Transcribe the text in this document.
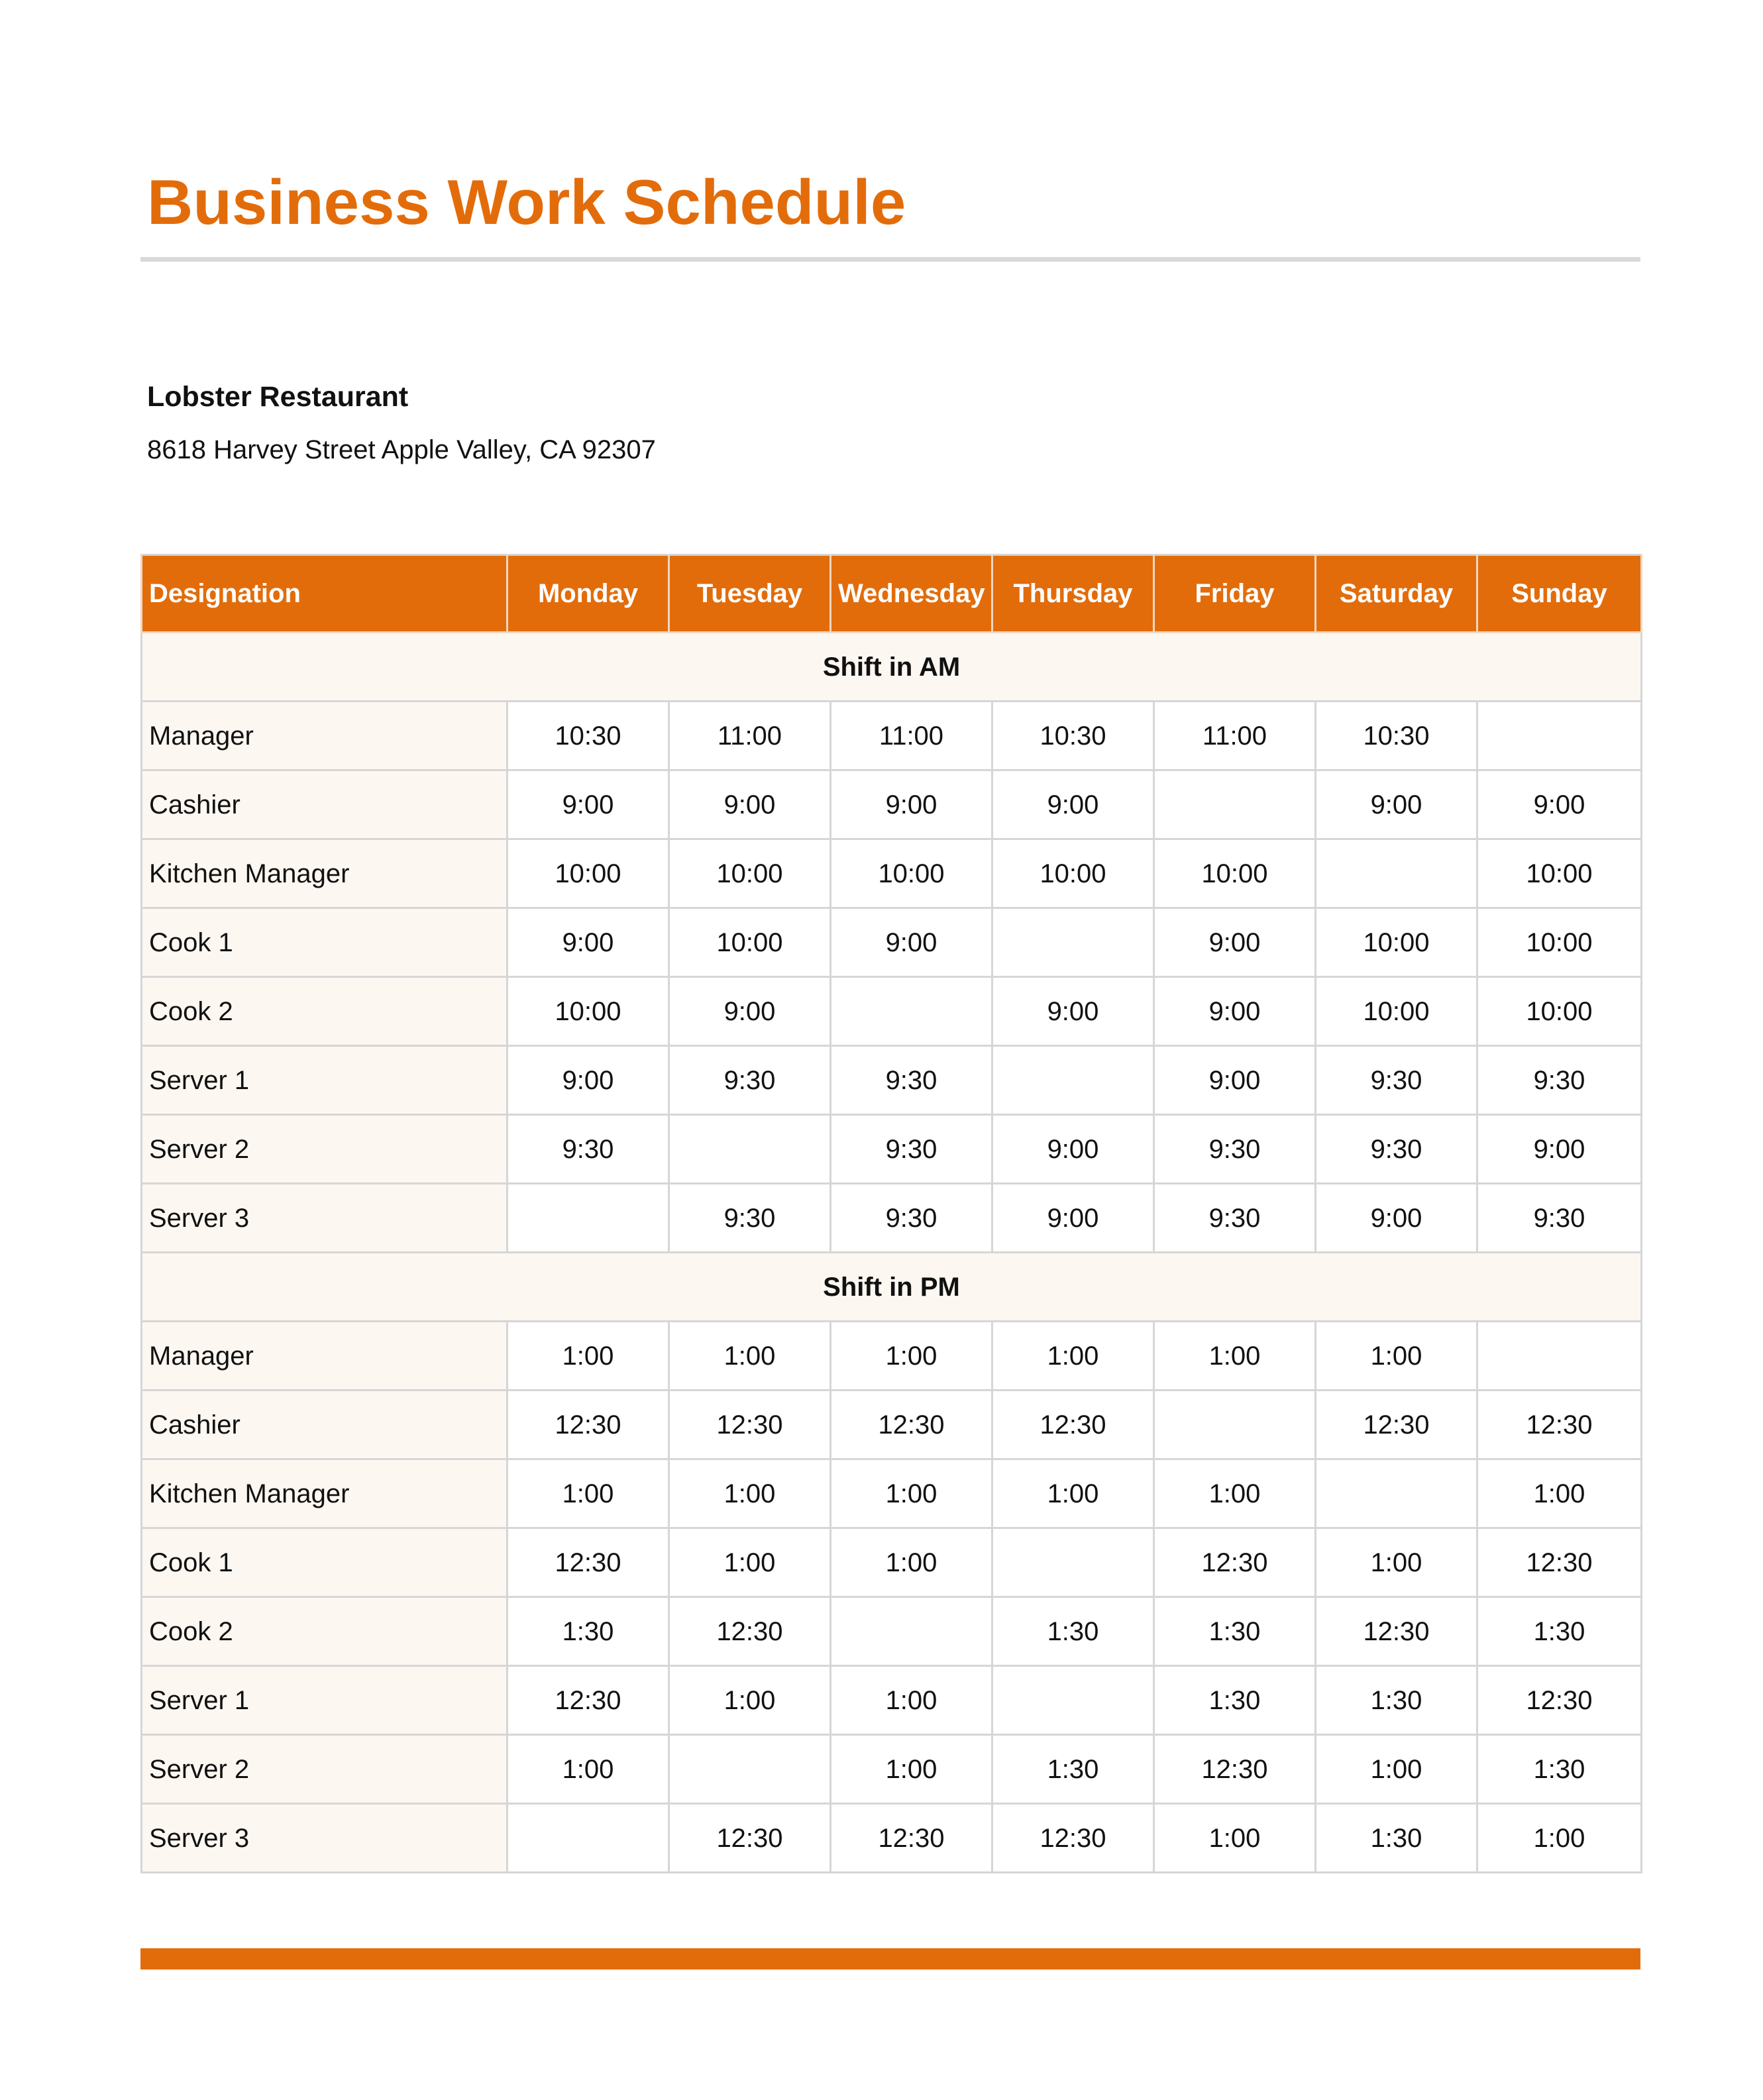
Business Work Schedule
Lobster Restaurant
8618 Harvey Street Apple Valley, CA 92307
Designation	Monday	Tuesday	Wednesday	Thursday	Friday	Saturday	Sunday
Shift in AM							
Manager	10:30	11:00	11:00	10:30	11:00	10:30	
Cashier	9:00	9:00	9:00	9:00		9:00	9:00
Kitchen Manager	10:00	10:00	10:00	10:00	10:00		10:00
Cook 1	9:00	10:00	9:00		9:00	10:00	10:00
Cook 2	10:00	9:00		9:00	9:00	10:00	10:00
Server 1	9:00	9:30	9:30		9:00	9:30	9:30
Server 2	9:30		9:30	9:00	9:30	9:30	9:00
Server 3		9:30	9:30	9:00	9:30	9:00	9:30
Shift in PM							
Manager	1:00	1:00	1:00	1:00	1:00	1:00	
Cashier	12:30	12:30	12:30	12:30		12:30	12:30
Kitchen Manager	1:00	1:00	1:00	1:00	1:00		1:00
Cook 1	12:30	1:00	1:00		12:30	1:00	12:30
Cook 2	1:30	12:30		1:30	1:30	12:30	1:30
Server 1	12:30	1:00	1:00		1:30	1:30	12:30
Server 2	1:00		1:00	1:30	12:30	1:00	1:30
Server 3		12:30	12:30	12:30	1:00	1:30	1:00
